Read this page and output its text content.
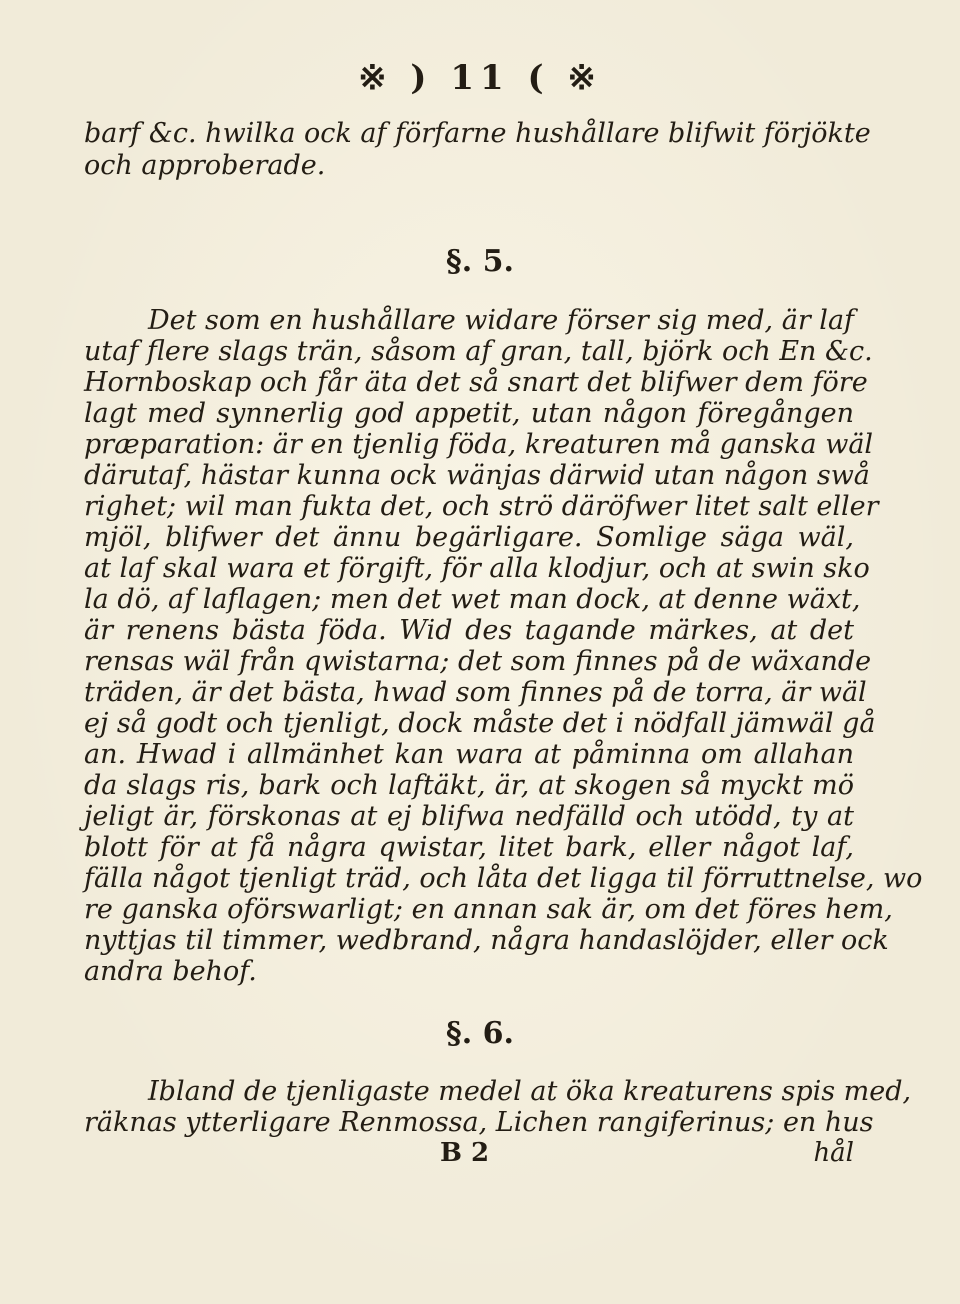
※ ) 11 ( ※
barf &c. hwilka ock af förfarne hushållare blifwit förjökte
och approberade.
§. 5.
Det som en hushållare widare förser sig med, är laf
utaf flere slags trän, såsom af gran, tall, björk och En &c.
Hornboskap och får äta det så snart det blifwer dem före
lagt med synnerlig god appetit, utan någon föregången
præparation: är en tjenlig föda, kreaturen må ganska wäl
därutaf, hästar kunna ock wänjas därwid utan någon swå
righet; wil man fukta det, och strö däröfwer litet salt eller
mjöl, blifwer det ännu begärligare. Somlige säga wäl,
at laf skal wara et förgift, för alla klodjur, och at swin sko
la dö, af laflagen; men det wet man dock, at denne wäxt,
är renens bästa föda. Wid des tagande märkes, at det
rensas wäl från qwistarna; det som finnes på de wäxande
träden, är det bästa, hwad som finnes på de torra, är wäl
ej så godt och tjenligt, dock måste det i nödfall jämwäl gå
an. Hwad i allmänhet kan wara at påminna om allahan
da slags ris, bark och laftäkt, är, at skogen så myckt mö
jeligt är, förskonas at ej blifwa nedfälld och utödd, ty at
blott för at få några qwistar, litet bark, eller något laf,
fälla något tjenligt träd, och låta det ligga til förruttnelse, wo
re ganska oförswarligt; en annan sak är, om det föres hem,
nyttjas til timmer, wedbrand, några handaslöjder, eller ock
andra behof.
§. 6.
Ibland de tjenligaste medel at öka kreaturens spis med,
räknas ytterligare Renmossa, Lichen rangiferinus; en hus
B 2	hål
